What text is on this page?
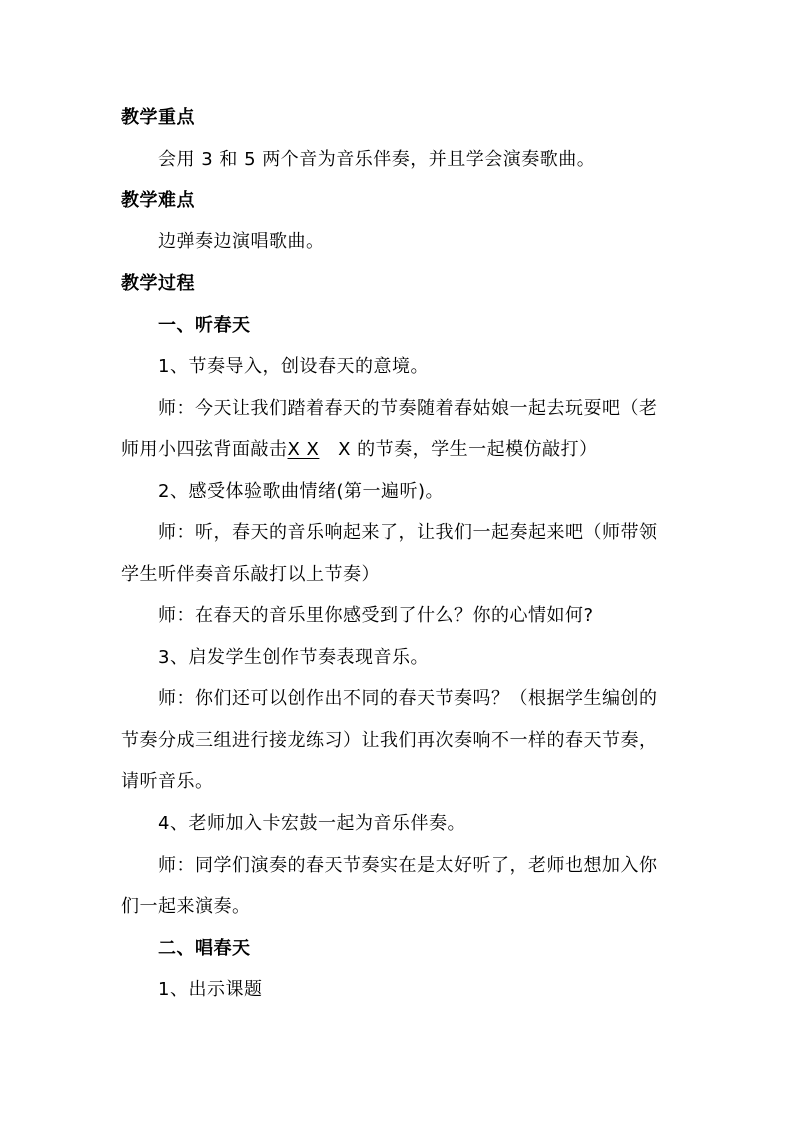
教学重点
会用 3 和 5 两个音为音乐伴奏，并且学会演奏歌曲。
教学难点
边弹奏边演唱歌曲。
教学过程
一、听春天
1、节奏导入，创设春天的意境。
师：今天让我们踏着春天的节奏随着春姑娘一起去玩耍吧（老
师用小四弦背面敲击X X X 的节奏，学生一起模仿敲打）
2、感受体验歌曲情绪(第一遍听)。
师：听，春天的音乐响起来了，让我们一起奏起来吧（师带领
学生听伴奏音乐敲打以上节奏）
师：在春天的音乐里你感受到了什么？你的心情如何?
3、启发学生创作节奏表现音乐。
师：你们还可以创作出不同的春天节奏吗？（根据学生编创的
节奏分成三组进行接龙练习）让我们再次奏响不一样的春天节奏，
请听音乐。
4、老师加入卡宏鼓一起为音乐伴奏。
师：同学们演奏的春天节奏实在是太好听了，老师也想加入你
们一起来演奏。
二、唱春天
1、出示课题
